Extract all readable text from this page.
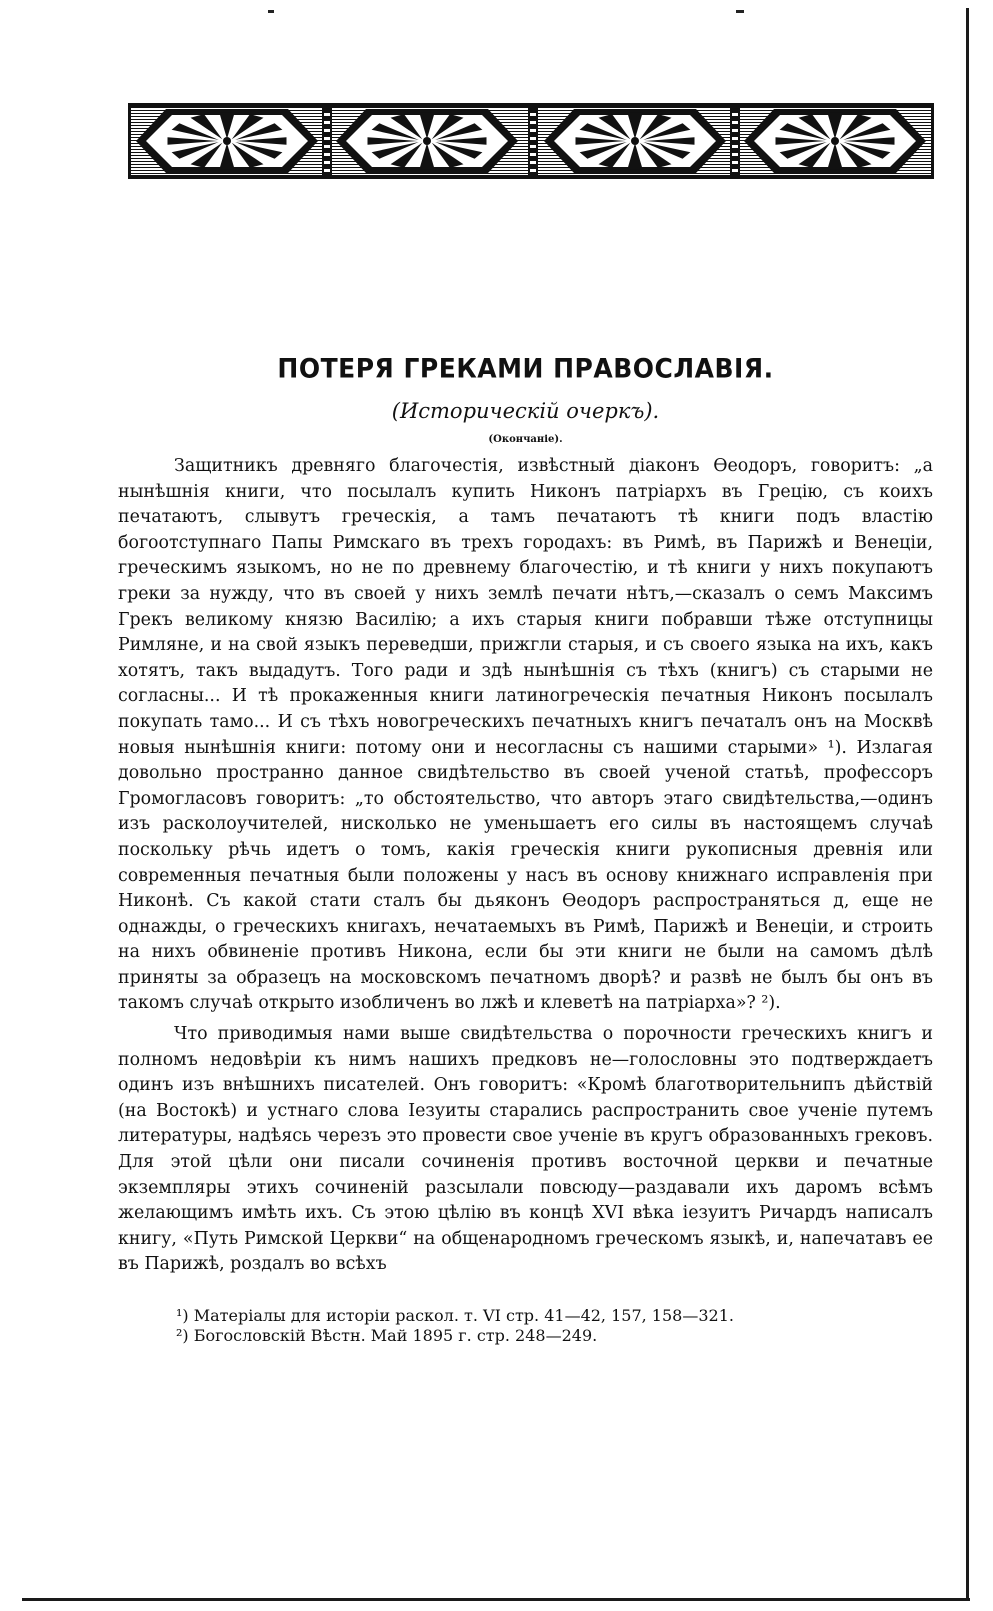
ПОТЕРЯ ГРЕКАМИ ПРАВОСЛАВІЯ.
(Историческій очеркъ).
(Окончаніе).

Защитникъ древняго благочестія, извѣстный діаконъ Ѳеодоръ, говоритъ: „а нынѣшнія книги, что посылалъ купить Никонъ патріархъ въ Грецію, съ коихъ печатаютъ, слывутъ греческія, а тамъ печатаютъ тѣ книги подъ властію богоотступнаго Папы Римскаго въ трехъ городахъ: въ Римѣ, въ Парижѣ и Венеціи, греческимъ языкомъ, но не по древнему благочестію, и тѣ книги у нихъ покупаютъ греки за нужду, что въ своей у нихъ землѣ печати нѣтъ,—сказалъ о семъ Максимъ Грекъ великому князю Василію; а ихъ старыя книги побравши тѣже отступницы Римляне, и на свой языкъ переведши, прижгли старыя, и съ своего языка на ихъ, какъ хотятъ, такъ выдадутъ. Того ради и здѣ нынѣшнія съ тѣхъ (книгъ) съ старыми не согласны... И тѣ прокаженныя книги латиногреческія печатныя Никонъ посылалъ покупать тамо... И съ тѣхъ новогреческихъ печатныхъ книгъ печаталъ онъ на Москвѣ новыя нынѣшнія книги: потому они и несогласны съ нашими старыми» ¹). Излагая довольно пространно данное свидѣтельство въ своей ученой статьѣ, профессоръ Громогласовъ говоритъ: „то обстоятельство, что авторъ этаго свидѣтельства,—одинъ изъ расколоучителей, нисколько не уменьшаетъ его силы въ настоящемъ случаѣ поскольку рѣчь идетъ о томъ, какія греческія книги рукописныя древнія или современныя печатныя были положены у насъ въ основу книжнаго исправленія при Никонѣ. Съ какой стати сталъ бы дьяконъ Ѳеодоръ распространяться д, еще не однажды, о греческихъ книгахъ, нечатаемыхъ въ Римѣ, Парижѣ и Венеціи, и строить на нихъ обвиненіе противъ Никона, если бы эти книги не были на самомъ дѣлѣ приняты за образецъ на московскомъ печатномъ дворѣ? и развѣ не былъ бы онъ въ такомъ случаѣ открыто изобличенъ во лжѣ и клеветѣ на патріарха»? ²).

Что приводимыя нами выше свидѣтельства о порочности греческихъ книгъ и полномъ недовѣріи къ нимъ нашихъ предковъ не—голословны это подтверждаетъ одинъ изъ внѣшнихъ писателей. Онъ говоритъ: «Кромѣ благотворительнипъ дѣйствій (на Востокѣ) и устнаго слова Іезуиты старались распространить свое ученіе путемъ литературы, надѣясь черезъ это провести свое ученіе въ кругъ образованныхъ грековъ. Для этой цѣли они писали сочиненія противъ восточной церкви и печатные экземпляры этихъ сочиненій разсылали повсюду—раздавали ихъ даромъ всѣмъ желающимъ имѣть ихъ. Съ этою цѣлію въ концѣ XVI вѣка іезуитъ Ричардъ написалъ книгу, «Путь Римской Церкви“ на общенародномъ греческомъ языкѣ, и, напечатавъ ее въ Парижѣ, роздалъ во всѣхъ

¹) Матеріалы для исторіи раскол. т. VI стр. 41—42, 157, 158—321.

²) Богословскій Вѣстн. Май 1895 г. стр. 248—249.
